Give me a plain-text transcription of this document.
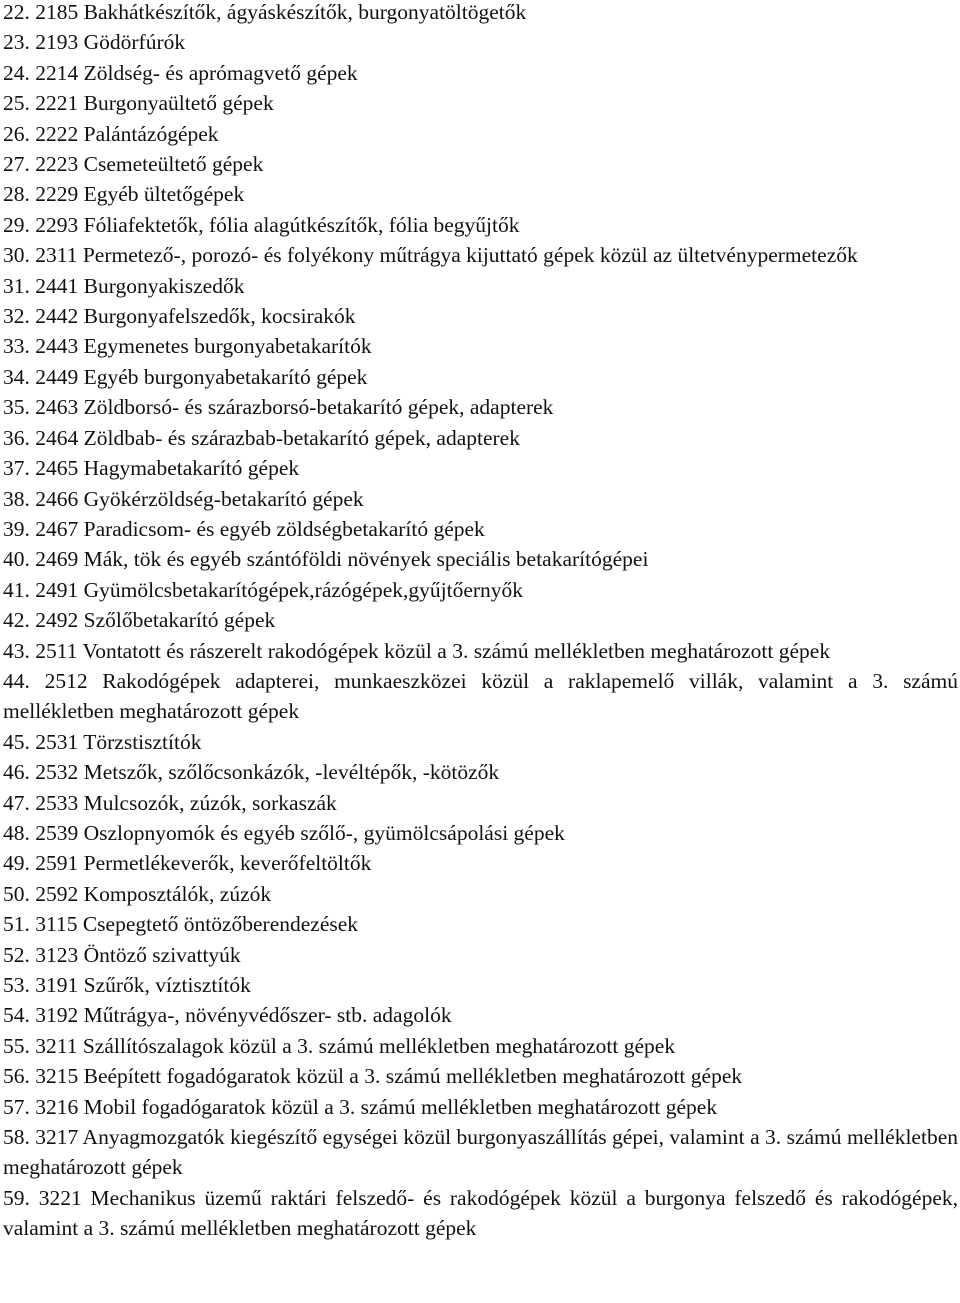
22. 2185 Bakhátkészítők, ágyáskészítők, burgonyatöltögetők

23. 2193 Gödörfúrók

24. 2214 Zöldség- és aprómagvető gépek

25. 2221 Burgonyaültető gépek

26. 2222 Palántázógépek

27. 2223 Csemeteültető gépek

28. 2229 Egyéb ültetőgépek

29. 2293 Fóliafektetők, fólia alagútkészítők, fólia begyűjtők

30. 2311 Permetező-, porozó- és folyékony műtrágya kijuttató gépek közül az ültetvénypermetezők

31. 2441 Burgonyakiszedők

32. 2442 Burgonyafelszedők, kocsirakók

33. 2443 Egymenetes burgonyabetakarítók

34. 2449 Egyéb burgonyabetakarító gépek

35. 2463 Zöldborsó- és szárazborsó-betakarító gépek, adapterek

36. 2464 Zöldbab- és szárazbab-betakarító gépek, adapterek

37. 2465 Hagymabetakarító gépek

38. 2466 Gyökérzöldség-betakarító gépek

39. 2467 Paradicsom- és egyéb zöldségbetakarító gépek

40. 2469 Mák, tök és egyéb szántóföldi növények speciális betakarítógépei

41. 2491 Gyümölcsbetakarítógépek,rázógépek,gyűjtőernyők

42. 2492 Szőlőbetakarító gépek

43. 2511 Vontatott és rászerelt rakodógépek közül a 3. számú mellékletben meghatározott gépek

44. 2512 Rakodógépek adapterei, munkaeszközei közül a raklapemelő villák, valamint a 3. számú mellékletben meghatározott gépek

45. 2531 Törzstisztítók

46. 2532 Metszők, szőlőcsonkázók, -levéltépők, -kötözők

47. 2533 Mulcsozók, zúzók, sorkaszák

48. 2539 Oszlopnyomók és egyéb szőlő-, gyümölcsápolási gépek

49. 2591 Permetlékeverők, keverőfeltöltők

50. 2592 Komposztálók, zúzók

51. 3115 Csepegtető öntözőberendezések

52. 3123 Öntöző szivattyúk

53. 3191 Szűrők, víztisztítók

54. 3192 Műtrágya-, növényvédőszer- stb. adagolók

55. 3211 Szállítószalagok közül a 3. számú mellékletben meghatározott gépek

56. 3215 Beépített fogadógaratok közül a 3. számú mellékletben meghatározott gépek

57. 3216 Mobil fogadógaratok közül a 3. számú mellékletben meghatározott gépek

58. 3217 Anyagmozgatók kiegészítő egységei közül burgonyaszállítás gépei, valamint a 3. számú mellékletben meghatározott gépek

59. 3221 Mechanikus üzemű raktári felszedő- és rakodógépek közül a burgonya felszedő és rakodógépek, valamint a 3. számú mellékletben meghatározott gépek
